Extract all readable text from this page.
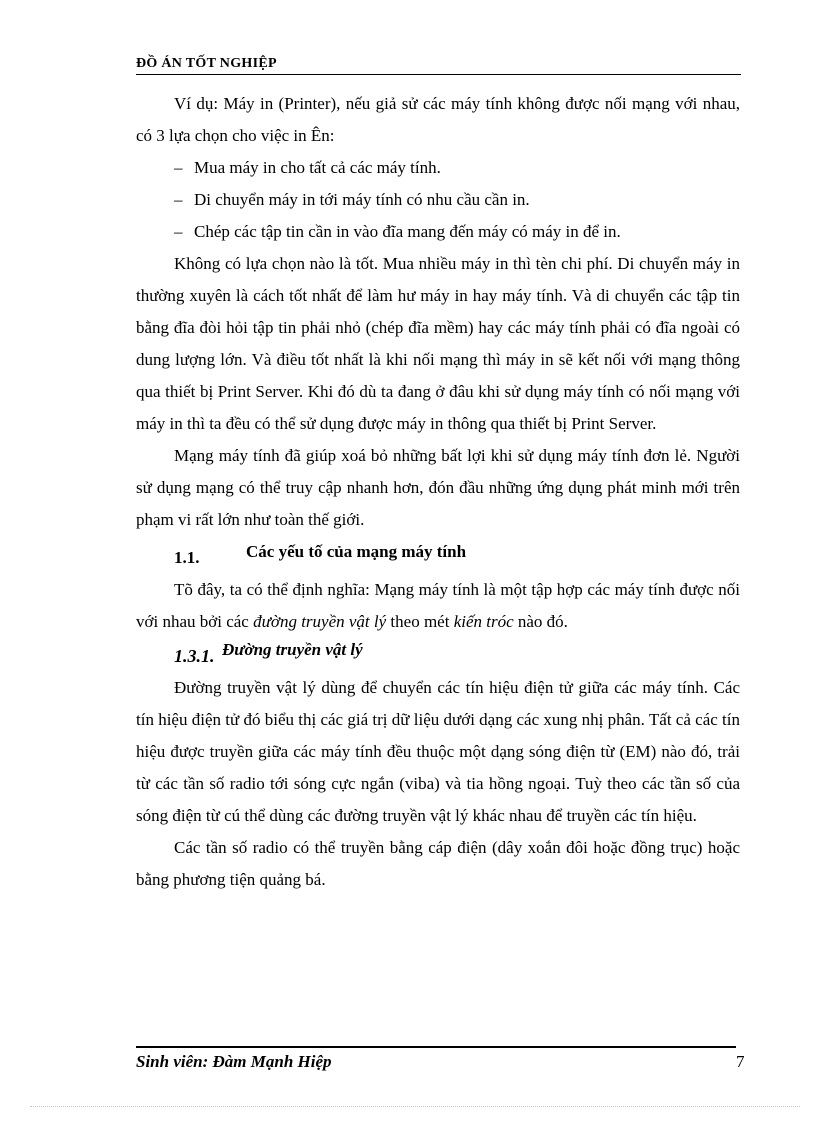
ĐỒ ÁN TỐT NGHIỆP

Ví dụ: Máy in (Printer), nếu giả sử các máy tính không được nối mạng với nhau, có 3 lựa chọn cho việc in Ên:

– Mua máy in cho tất cả các máy tính.

– Di chuyển máy in tới máy tính có nhu cầu cần in.

– Chép các tập tin cần in vào đĩa mang đến máy có máy in để in.

Không có lựa chọn nào là tốt. Mua nhiều máy in thì tèn chi phí. Di chuyển máy in thường xuyên là cách tốt nhất để làm hư máy in hay máy tính. Và di chuyển các tập tin bằng đĩa đòi hỏi tập tin phải nhỏ (chép đĩa mềm) hay các máy tính phải có đĩa ngoài có dung lượng lớn. Và điều tốt nhất là khi nối mạng thì máy in sẽ kết nối với mạng thông qua thiết bị Print Server. Khi đó dù ta đang ở đâu khi sử dụng máy tính có nối mạng với máy in thì ta đều có thể sử dụng được máy in thông qua thiết bị Print Server.

Mạng máy tính đã giúp xoá bỏ những bất lợi khi sử dụng máy tính đơn lẻ. Người sử dụng mạng có thể truy cập nhanh hơn, đón đầu những ứng dụng phát minh mới trên phạm vi rất lớn như toàn thế giới.

1.1.	Các yếu tố của mạng máy tính

Tõ đây, ta có thể định nghĩa: Mạng máy tính là một tập hợp các máy tính được nối với nhau bởi các đường truyền vật lý theo mét kiến tróc nào đó.

1.3.1. Đường truyền vật lý

Đường truyền vật lý dùng để chuyển các tín hiệu điện tử giữa các máy tính. Các tín hiệu điện tử đó biểu thị các giá trị dữ liệu dưới dạng các xung nhị phân. Tất cả các tín hiệu được truyền giữa các máy tính đều thuộc một dạng sóng điện từ (EM) nào đó, trải từ các tần số radio tới sóng cực ngắn (viba) và tia hồng ngoại. Tuỳ theo các tần số của sóng điện từ cú thể dùng các đường truyền vật lý khác nhau để truyền các tín hiệu.

Các tần số radio có thể truyền bằng cáp điện (dây xoắn đôi hoặc đồng trục) hoặc bằng phương tiện quảng bá.

Sinh viên: Đàm Mạnh Hiệp	7
